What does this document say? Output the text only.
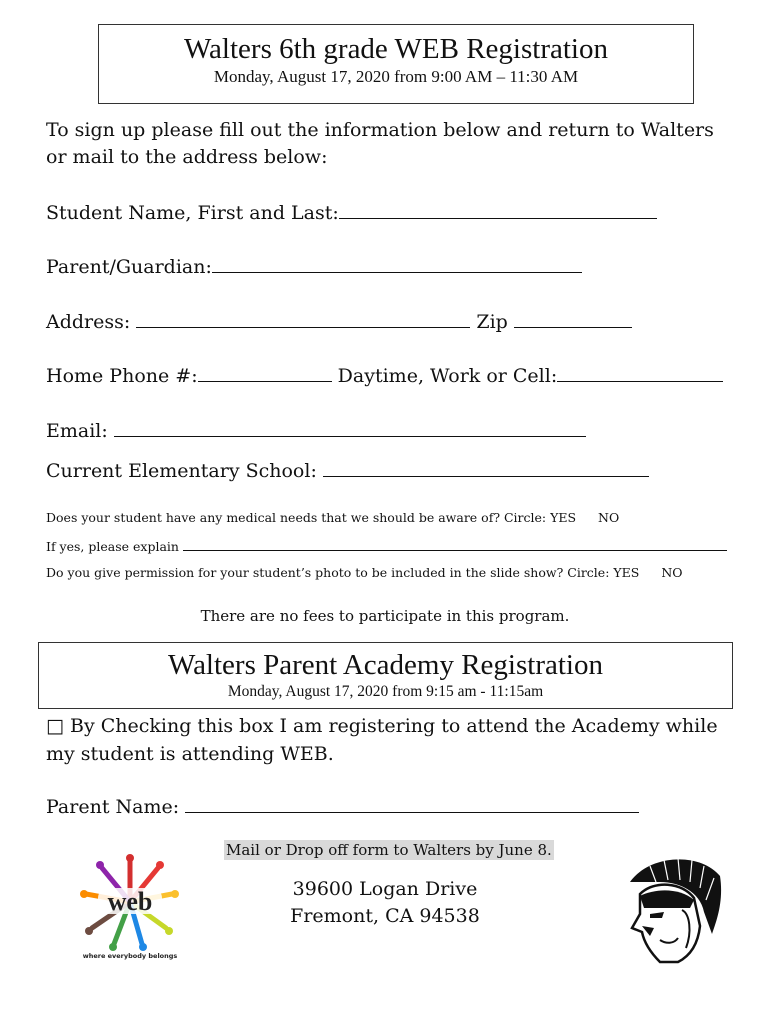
Walters 6th grade WEB Registration
Monday, August 17, 2020 from 9:00 AM – 11:30 AM
To sign up please fill out the information below and return to Walters or mail to the address below:
Student Name, First and Last:
Parent/Guardian:
Address:	Zip
Home Phone #:	Daytime, Work or Cell:
Email:
Current Elementary School:
Does your student have any medical needs that we should be aware of? Circle: YES NO
If yes, please explain
Do you give permission for your student’s photo to be included in the slide show? Circle: YES NO
There are no fees to participate in this program.
Walters Parent Academy Registration
Monday, August 17, 2020 from 9:15 am - 11:15am
□ By Checking this box I am registering to attend the Academy while my student is attending WEB.
Parent Name:
Mail or Drop off form to Walters by June 8.
39600 Logan Drive
Fremont, CA 94538
web
where everybody belongs
